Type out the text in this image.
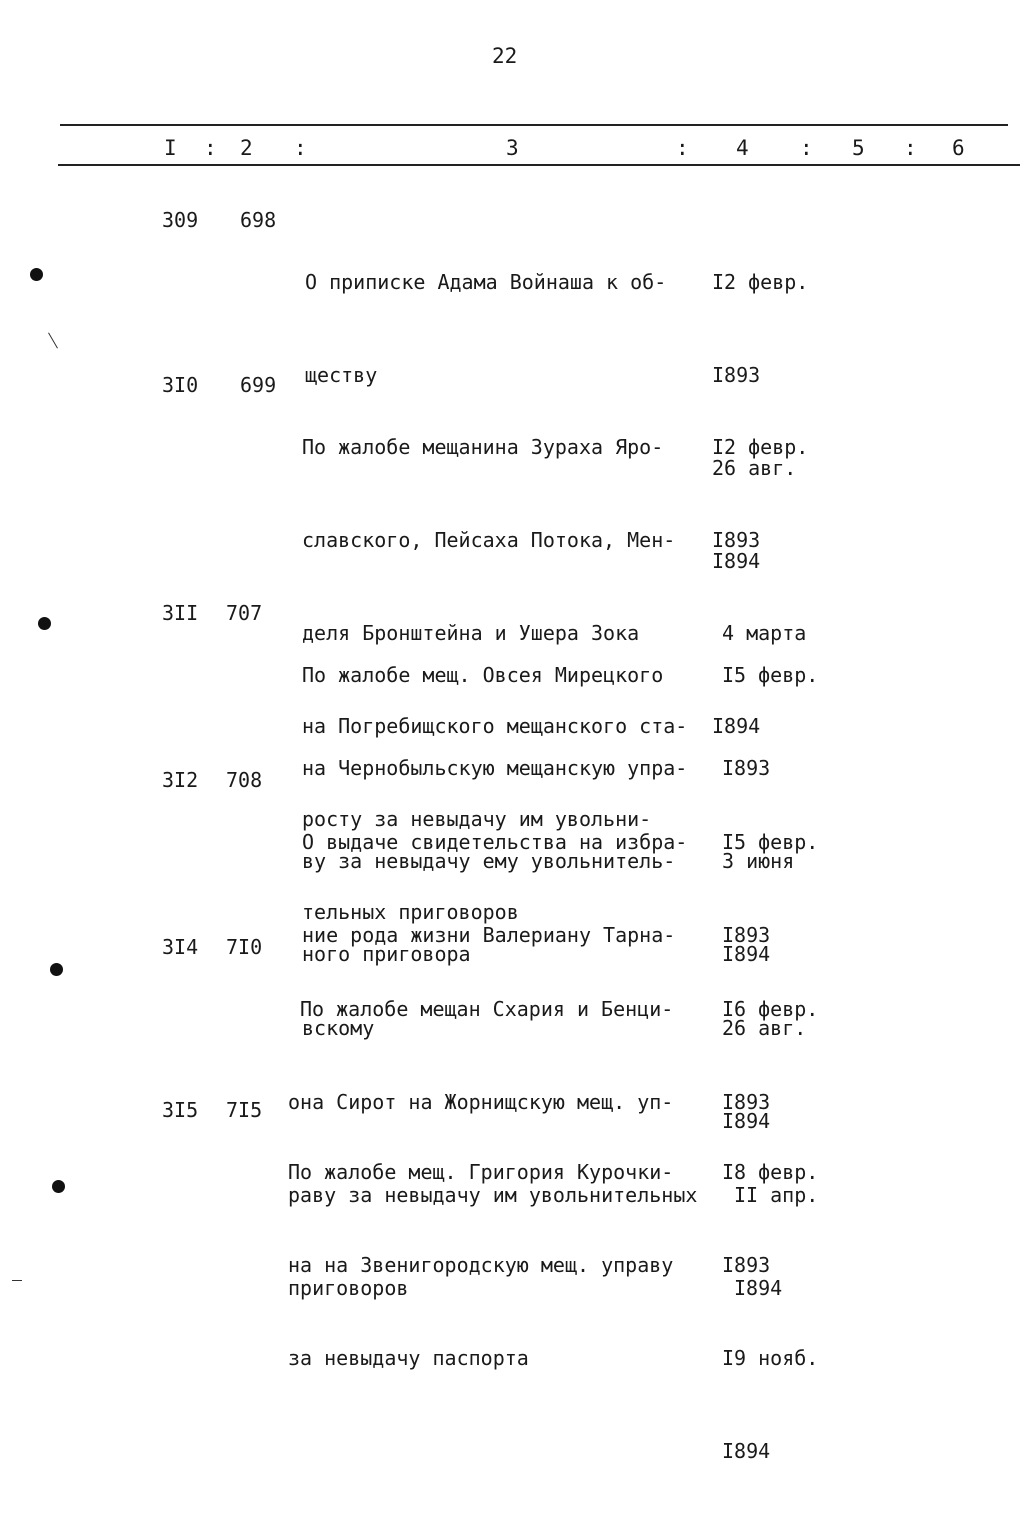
22
I : 2 :	3	: 4 : 5 : 6
309 698

О приписке Адама Войнаша к об-

ществу

I2 февр.

I893

26 авг.

I894

3I0 699

По жалобе мещанина Зураха Яро-

славского, Пейсаха Потока, Мен-

деля Бронштейна и Ушера Зока

на Погребищского мещанского ста-

росту за невыдачу им увольни-

тельных приговоров

I2 февр.

I893

4 марта

I894

3II 707

По жалобе мещ. Овсея Мирецкого

на Чернобыльскую мещанскую упра-

ву за невыдачу ему увольнитель-

ного приговора

I5 февр.

I893

3 июня

I894

3I2 708

О выдаче свидетельства на избра-

ние рода жизни Валериану Тарна-

вскому

I5 февр.

I893

26 авг.

I894

3I4 7I0

По жалобе мещан Схария и Бенци-

она Сирот на Жорнищскую мещ. уп-

раву за невыдачу им увольнительных

приговоров

I6 февр.

I893

II апр.

I894

3I5 7I5

По жалобе мещ. Григория Курочки-

на на Звенигородскую мещ. управу

за невыдачу паспорта

I8 февр.

I893

I9 нояб.

I894
